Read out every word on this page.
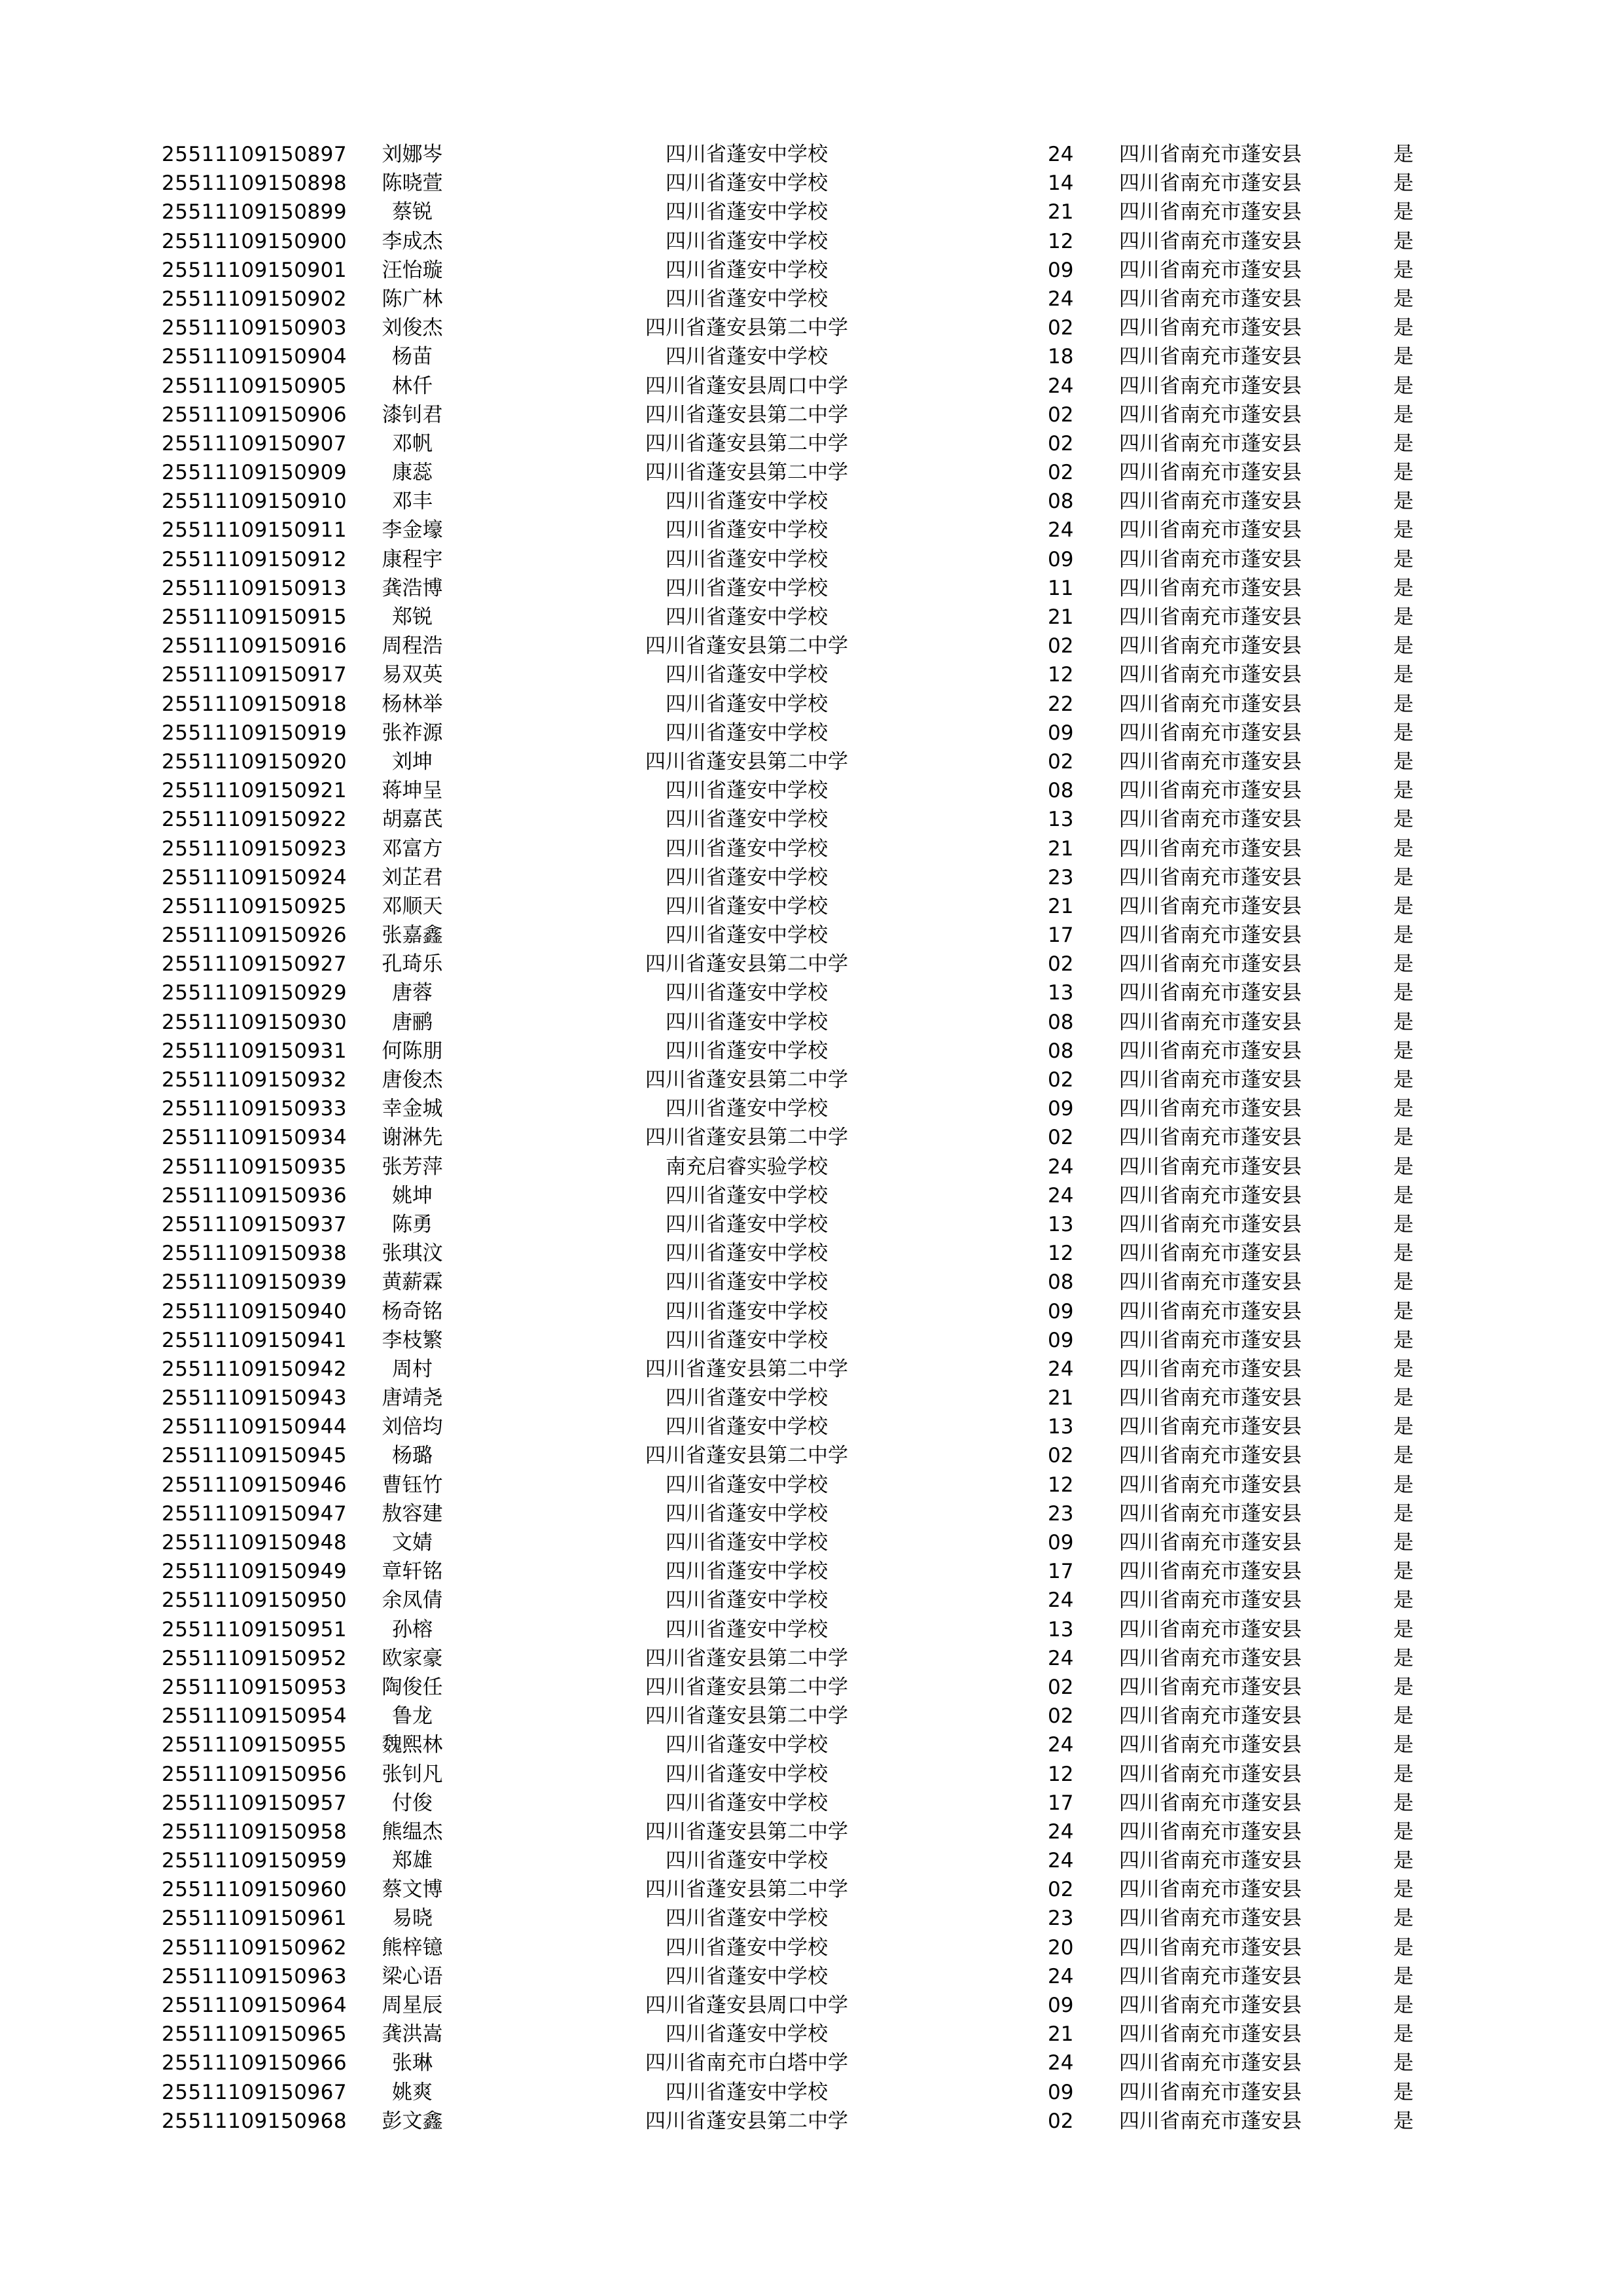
25511109150897 刘娜岑	四川省蓬安中学校	24 四川省南充市蓬安县	是
25511109150898 陈晓萱	四川省蓬安中学校	14 四川省南充市蓬安县	是
25511109150899 蔡锐	四川省蓬安中学校	21 四川省南充市蓬安县	是
25511109150900 李成杰	四川省蓬安中学校	12 四川省南充市蓬安县	是
25511109150901 汪怡璇	四川省蓬安中学校	09 四川省南充市蓬安县	是
25511109150902 陈广林	四川省蓬安中学校	24 四川省南充市蓬安县	是
25511109150903 刘俊杰	四川省蓬安县第二中学	02 四川省南充市蓬安县	是
25511109150904 杨苗	四川省蓬安中学校	18 四川省南充市蓬安县	是
25511109150905 林仟	四川省蓬安县周口中学	24 四川省南充市蓬安县	是
25511109150906 漆钊君	四川省蓬安县第二中学	02 四川省南充市蓬安县	是
25511109150907 邓帆	四川省蓬安县第二中学	02 四川省南充市蓬安县	是
25511109150909 康蕊	四川省蓬安县第二中学	02 四川省南充市蓬安县	是
25511109150910 邓丰	四川省蓬安中学校	08 四川省南充市蓬安县	是
25511109150911 李金壕	四川省蓬安中学校	24 四川省南充市蓬安县	是
25511109150912 康程宇	四川省蓬安中学校	09 四川省南充市蓬安县	是
25511109150913 龚浩博	四川省蓬安中学校	11 四川省南充市蓬安县	是
25511109150915 郑锐	四川省蓬安中学校	21 四川省南充市蓬安县	是
25511109150916 周程浩	四川省蓬安县第二中学	02 四川省南充市蓬安县	是
25511109150917 易双英	四川省蓬安中学校	12 四川省南充市蓬安县	是
25511109150918 杨林举	四川省蓬安中学校	22 四川省南充市蓬安县	是
25511109150919 张祚源	四川省蓬安中学校	09 四川省南充市蓬安县	是
25511109150920 刘坤	四川省蓬安县第二中学	02 四川省南充市蓬安县	是
25511109150921 蒋坤呈	四川省蓬安中学校	08 四川省南充市蓬安县	是
25511109150922 胡嘉芪	四川省蓬安中学校	13 四川省南充市蓬安县	是
25511109150923 邓富方	四川省蓬安中学校	21 四川省南充市蓬安县	是
25511109150924 刘芷君	四川省蓬安中学校	23 四川省南充市蓬安县	是
25511109150925 邓顺天	四川省蓬安中学校	21 四川省南充市蓬安县	是
25511109150926 张嘉鑫	四川省蓬安中学校	17 四川省南充市蓬安县	是
25511109150927 孔琦乐	四川省蓬安县第二中学	02 四川省南充市蓬安县	是
25511109150929 唐蓉	四川省蓬安中学校	13 四川省南充市蓬安县	是
25511109150930 唐鹂	四川省蓬安中学校	08 四川省南充市蓬安县	是
25511109150931 何陈朋	四川省蓬安中学校	08 四川省南充市蓬安县	是
25511109150932 唐俊杰	四川省蓬安县第二中学	02 四川省南充市蓬安县	是
25511109150933 幸金城	四川省蓬安中学校	09 四川省南充市蓬安县	是
25511109150934 谢淋先	四川省蓬安县第二中学	02 四川省南充市蓬安县	是
25511109150935 张芳萍	南充启睿实验学校	24 四川省南充市蓬安县	是
25511109150936 姚坤	四川省蓬安中学校	24 四川省南充市蓬安县	是
25511109150937 陈勇	四川省蓬安中学校	13 四川省南充市蓬安县	是
25511109150938 张琪汶	四川省蓬安中学校	12 四川省南充市蓬安县	是
25511109150939 黄薪霖	四川省蓬安中学校	08 四川省南充市蓬安县	是
25511109150940 杨奇铭	四川省蓬安中学校	09 四川省南充市蓬安县	是
25511109150941 李枝繁	四川省蓬安中学校	09 四川省南充市蓬安县	是
25511109150942 周村	四川省蓬安县第二中学	24 四川省南充市蓬安县	是
25511109150943 唐靖尧	四川省蓬安中学校	21 四川省南充市蓬安县	是
25511109150944 刘倍均	四川省蓬安中学校	13 四川省南充市蓬安县	是
25511109150945 杨璐	四川省蓬安县第二中学	02 四川省南充市蓬安县	是
25511109150946 曹钰竹	四川省蓬安中学校	12 四川省南充市蓬安县	是
25511109150947 敖容建	四川省蓬安中学校	23 四川省南充市蓬安县	是
25511109150948 文婧	四川省蓬安中学校	09 四川省南充市蓬安县	是
25511109150949 章轩铭	四川省蓬安中学校	17 四川省南充市蓬安县	是
25511109150950 余凤倩	四川省蓬安中学校	24 四川省南充市蓬安县	是
25511109150951 孙榕	四川省蓬安中学校	13 四川省南充市蓬安县	是
25511109150952 欧家豪	四川省蓬安县第二中学	24 四川省南充市蓬安县	是
25511109150953 陶俊任	四川省蓬安县第二中学	02 四川省南充市蓬安县	是
25511109150954 鲁龙	四川省蓬安县第二中学	02 四川省南充市蓬安县	是
25511109150955 魏熙林	四川省蓬安中学校	24 四川省南充市蓬安县	是
25511109150956 张钊凡	四川省蓬安中学校	12 四川省南充市蓬安县	是
25511109150957 付俊	四川省蓬安中学校	17 四川省南充市蓬安县	是
25511109150958 熊缊杰	四川省蓬安县第二中学	24 四川省南充市蓬安县	是
25511109150959 郑雄	四川省蓬安中学校	24 四川省南充市蓬安县	是
25511109150960 蔡文博	四川省蓬安县第二中学	02 四川省南充市蓬安县	是
25511109150961 易晓	四川省蓬安中学校	23 四川省南充市蓬安县	是
25511109150962 熊梓镱	四川省蓬安中学校	20 四川省南充市蓬安县	是
25511109150963 梁心语	四川省蓬安中学校	24 四川省南充市蓬安县	是
25511109150964 周星辰	四川省蓬安县周口中学	09 四川省南充市蓬安县	是
25511109150965 龚洪嵩	四川省蓬安中学校	21 四川省南充市蓬安县	是
25511109150966 张琳	四川省南充市白塔中学	24 四川省南充市蓬安县	是
25511109150967 姚爽	四川省蓬安中学校	09 四川省南充市蓬安县	是
25511109150968 彭文鑫	四川省蓬安县第二中学	02 四川省南充市蓬安县	是
